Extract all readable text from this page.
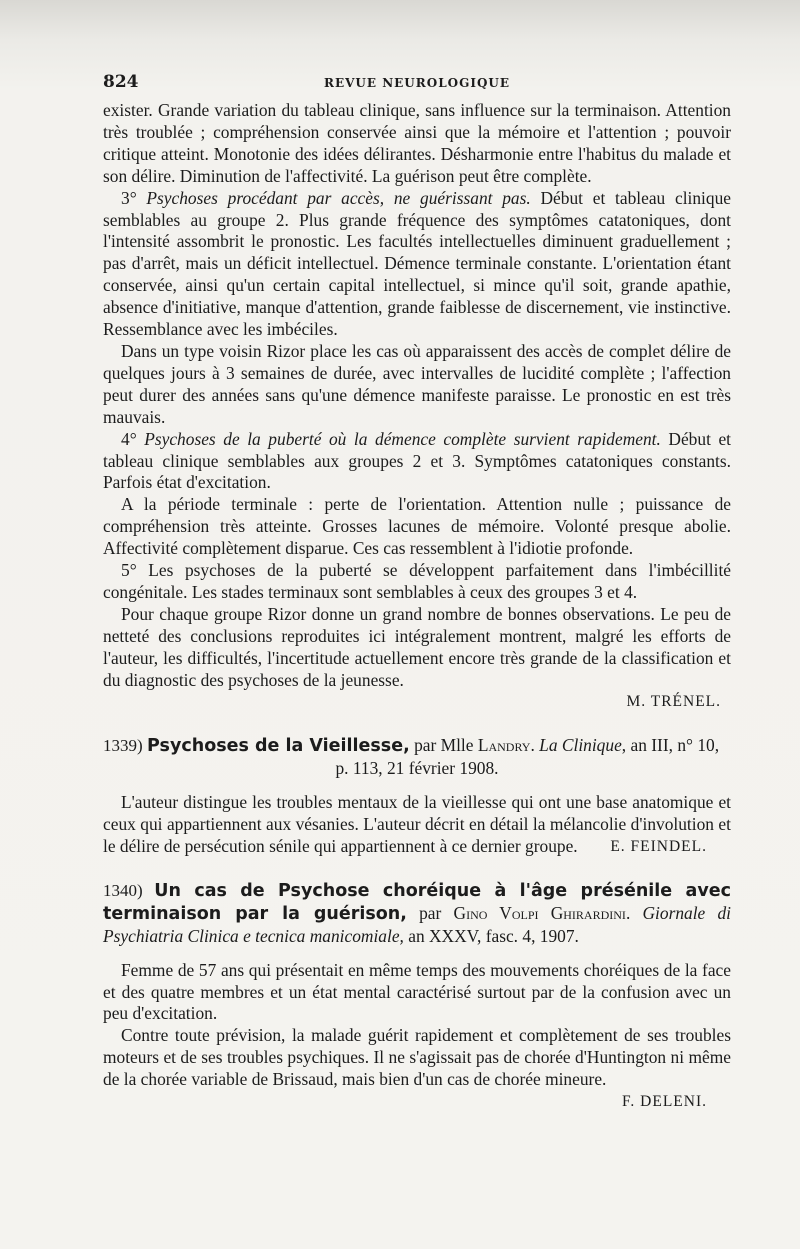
824	REVUE NEUROLOGIQUE

exister. Grande variation du tableau clinique, sans influence sur la terminaison. Attention très troublée ; compréhension conservée ainsi que la mémoire et l'attention ; pouvoir critique atteint. Monotonie des idées délirantes. Désharmonie entre l'habitus du malade et son délire. Diminution de l'affectivité. La guérison peut être complète.

3° Psychoses procédant par accès, ne guérissant pas. Début et tableau clinique semblables au groupe 2. Plus grande fréquence des symptômes catatoniques, dont l'intensité assombrit le pronostic. Les facultés intellectuelles diminuent graduellement ; pas d'arrêt, mais un déficit intellectuel. Démence terminale constante. L'orientation étant conservée, ainsi qu'un certain capital intellectuel, si mince qu'il soit, grande apathie, absence d'initiative, manque d'attention, grande faiblesse de discernement, vie instinctive. Ressemblance avec les imbéciles.

Dans un type voisin Rizor place les cas où apparaissent des accès de complet délire de quelques jours à 3 semaines de durée, avec intervalles de lucidité complète ; l'affection peut durer des années sans qu'une démence manifeste paraisse. Le pronostic en est très mauvais.

4° Psychoses de la puberté où la démence complète survient rapidement. Début et tableau clinique semblables aux groupes 2 et 3. Symptômes catatoniques constants. Parfois état d'excitation.

A la période terminale : perte de l'orientation. Attention nulle ; puissance de compréhension très atteinte. Grosses lacunes de mémoire. Volonté presque abolie. Affectivité complètement disparue. Ces cas ressemblent à l'idiotie profonde.

5° Les psychoses de la puberté se développent parfaitement dans l'imbécillité congénitale. Les stades terminaux sont semblables à ceux des groupes 3 et 4.

Pour chaque groupe Rizor donne un grand nombre de bonnes observations. Le peu de netteté des conclusions reproduites ici intégralement montrent, malgré les efforts de l'auteur, les difficultés, l'incertitude actuellement encore très grande de la classification et du diagnostic des psychoses de la jeunesse.

M. TRÉNEL.

1339) Psychoses de la Vieillesse, par Mlle Landry. La Clinique, an III, n° 10,
p. 113, 21 février 1908.

L'auteur distingue les troubles mentaux de la vieillesse qui ont une base anatomique et ceux qui appartiennent aux vésanies. L'auteur décrit en détail la mélancolie d'involution et le délire de persécution sénile qui appartiennent à ce dernier groupe.	E. FEINDEL.

1340) Un cas de Psychose choréique à l'âge présénile avec terminaison par la guérison, par Gino Volpi Ghirardini. Giornale di Psychiatria Clinica e tecnica manicomiale, an XXXV, fasc. 4, 1907.

Femme de 57 ans qui présentait en même temps des mouvements choréiques de la face et des quatre membres et un état mental caractérisé surtout par de la confusion avec un peu d'excitation.

Contre toute prévision, la malade guérit rapidement et complètement de ses troubles moteurs et de ses troubles psychiques. Il ne s'agissait pas de chorée d'Huntington ni même de la chorée variable de Brissaud, mais bien d'un cas de chorée mineure.
F. DELENI.
